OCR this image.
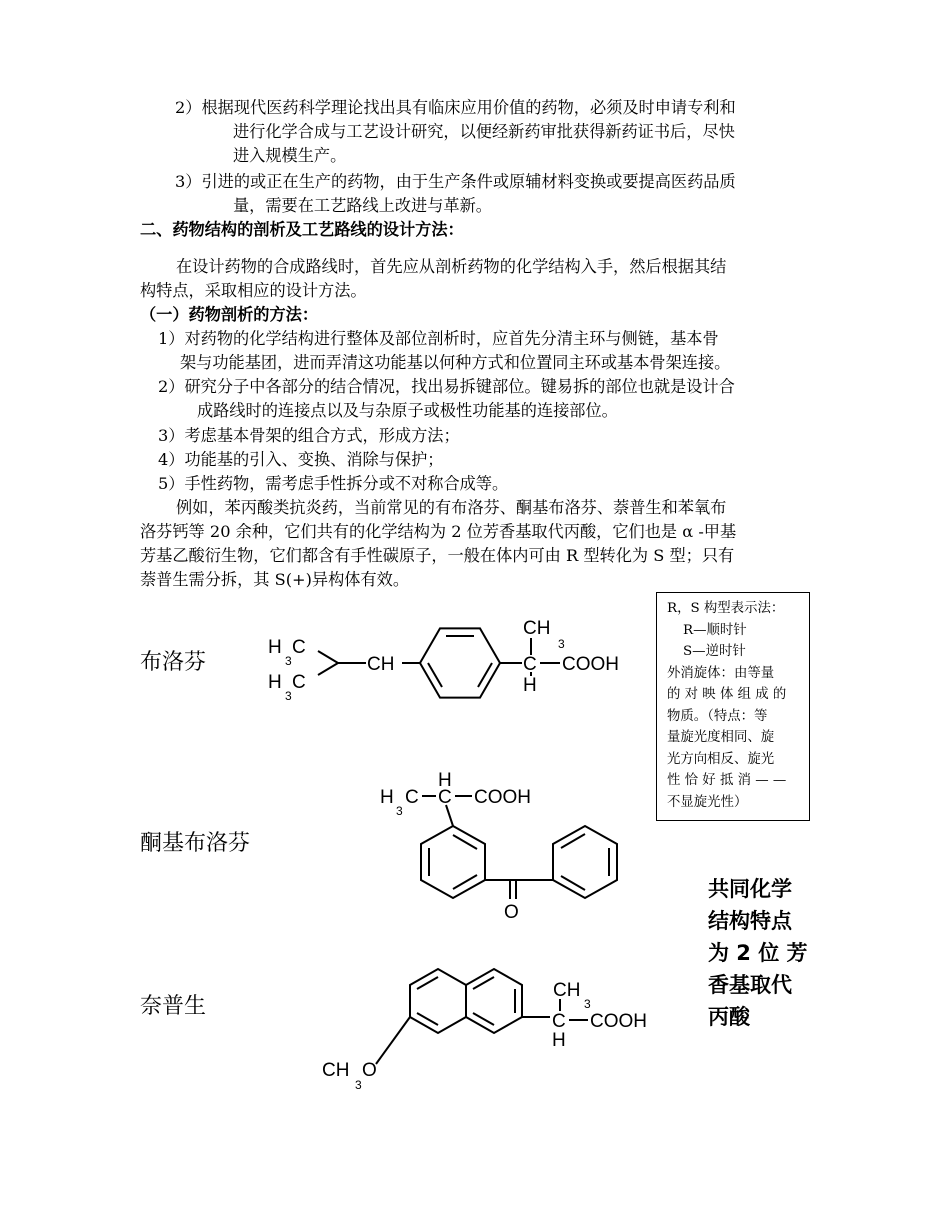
2）根据现代医药科学理论找出具有临床应用价值的药物，必须及时申请专利和
进行化学合成与工艺设计研究，以便经新药审批获得新药证书后，尽快
进入规模生产。
3）引进的或正在生产的药物，由于生产条件或原辅材料变换或要提高医药品质
量，需要在工艺路线上改进与革新。
二、药物结构的剖析及工艺路线的设计方法：
在设计药物的合成路线时，首先应从剖析药物的化学结构入手，然后根据其结
构特点，采取相应的设计方法。
（一）药物剖析的方法：
1）对药物的化学结构进行整体及部位剖析时，应首先分清主环与侧链，基本骨
架与功能基团，进而弄清这功能基以何种方式和位置同主环或基本骨架连接。
2）研究分子中各部分的结合情况，找出易拆键部位。键易拆的部位也就是设计合
成路线时的连接点以及与杂原子或极性功能基的连接部位。
3）考虑基本骨架的组合方式，形成方法；
4）功能基的引入、变换、消除与保护；
5）手性药物，需考虑手性拆分或不对称合成等。
例如，苯丙酸类抗炎药，当前常见的有布洛芬、酮基布洛芬、萘普生和苯氧布
洛芬钙等 20 余种，它们共有的化学结构为 2 位芳香基取代丙酸，它们也是 α -甲基
芳基乙酸衍生物，它们都含有手性碳原子，一般在体内可由 R 型转化为 S 型；只有
萘普生需分拆，其 S(+)异构体有效。
R，S 构型表示法：
R—顺时针
S—逆时针
外消旋体：由等量
的 对 映 体 组 成 的
物质。（特点：等
量旋光度相同、旋
光方向相反、旋光
性 恰 好 抵 消 — —
不显旋光性）
布洛芬
酮基布洛芬
奈普生
共同化学
结构特点
为 2 位 芳
香基取代
丙酸
H
3
C
H
3
C
CH
CH
3
C COOH
H
H
3
C
H
C COOH
O
CH
3
O
CH
3
C COOH
H
